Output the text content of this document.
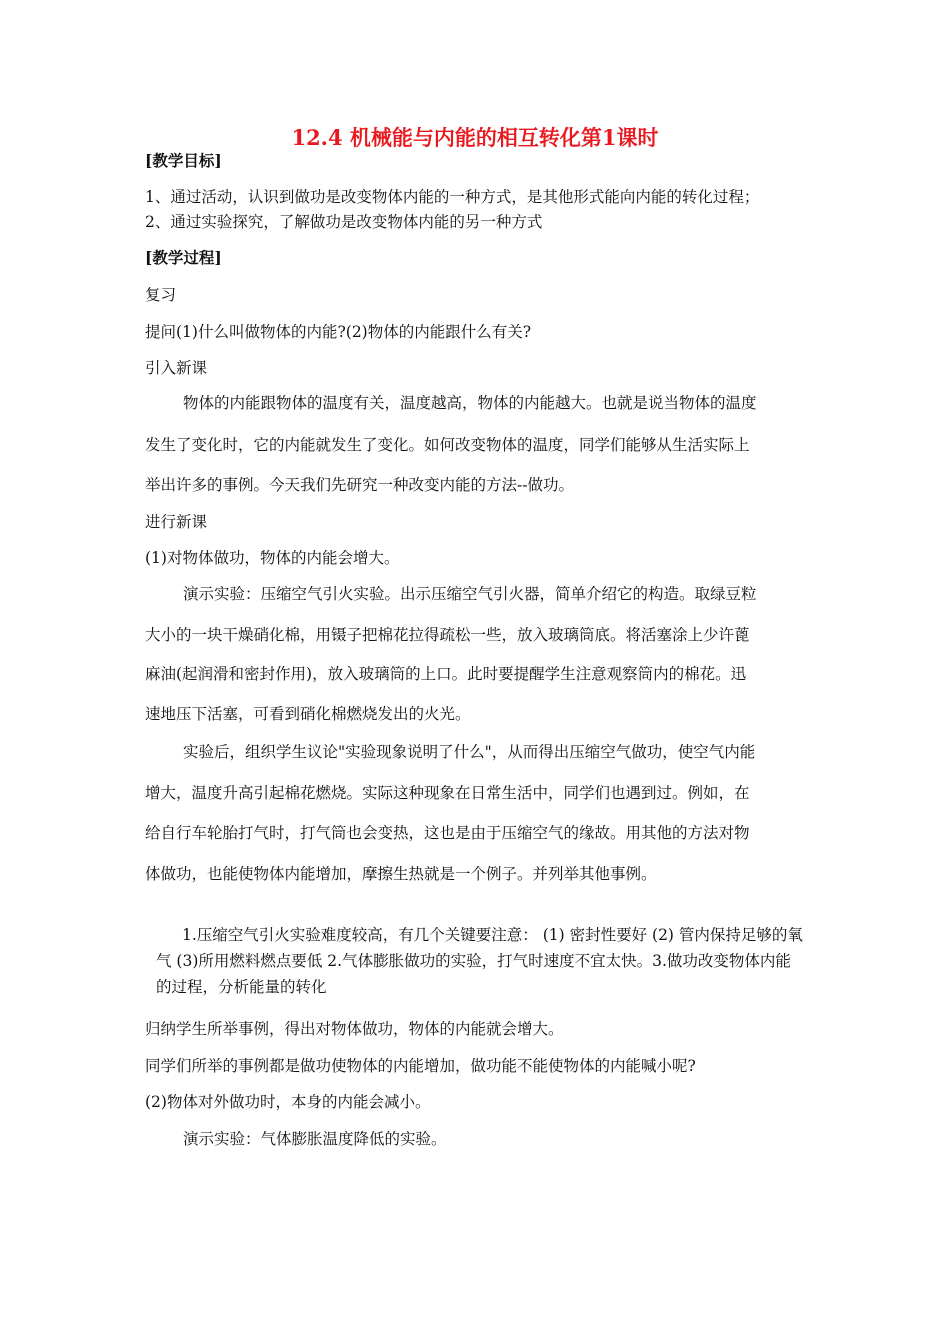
12.4 机械能与内能的相互转化第1课时

[教学目标]

1、通过活动，认识到做功是改变物体内能的一种方式，是其他形式能向内能的转化过程；

2、通过实验探究，了解做功是改变物体内能的另一种方式

[教学过程]

复习

提问(1)什么叫做物体的内能?(2)物体的内能跟什么有关?

引入新课

物体的内能跟物体的温度有关，温度越高，物体的内能越大。也就是说当物体的温度

发生了变化时，它的内能就发生了变化。如何改变物体的温度，同学们能够从生活实际上

举出许多的事例。今天我们先研究一种改变内能的方法--做功。

进行新课

(1)对物体做功，物体的内能会增大。

演示实验：压缩空气引火实验。出示压缩空气引火器，简单介绍它的构造。取绿豆粒

大小的一块干燥硝化棉，用镊子把棉花拉得疏松一些，放入玻璃筒底。将活塞涂上少许蓖

麻油(起润滑和密封作用)，放入玻璃筒的上口。此时要提醒学生注意观察筒内的棉花。迅

速地压下活塞，可看到硝化棉燃烧发出的火光。

实验后，组织学生议论"实验现象说明了什么"，从而得出压缩空气做功，使空气内能

增大，温度升高引起棉花燃烧。实际这种现象在日常生活中，同学们也遇到过。例如，在

给自行车轮胎打气时，打气筒也会变热，这也是由于压缩空气的缘故。用其他的方法对物

体做功，也能使物体内能增加，摩擦生热就是一个例子。并列举其他事例。

1.压缩空气引火实验难度较高，有几个关键要注意： (1) 密封性要好 (2) 管内保持足够的氧气 (3)所用燃料燃点要低 2.气体膨胀做功的实验，打气时速度不宜太快。3.做功改变物体内能的过程，分析能量的转化

归纳学生所举事例，得出对物体做功，物体的内能就会增大。

同学们所举的事例都是做功使物体的内能增加，做功能不能使物体的内能喊小呢?

(2)物体对外做功时，本身的内能会减小。

演示实验：气体膨胀温度降低的实验。
